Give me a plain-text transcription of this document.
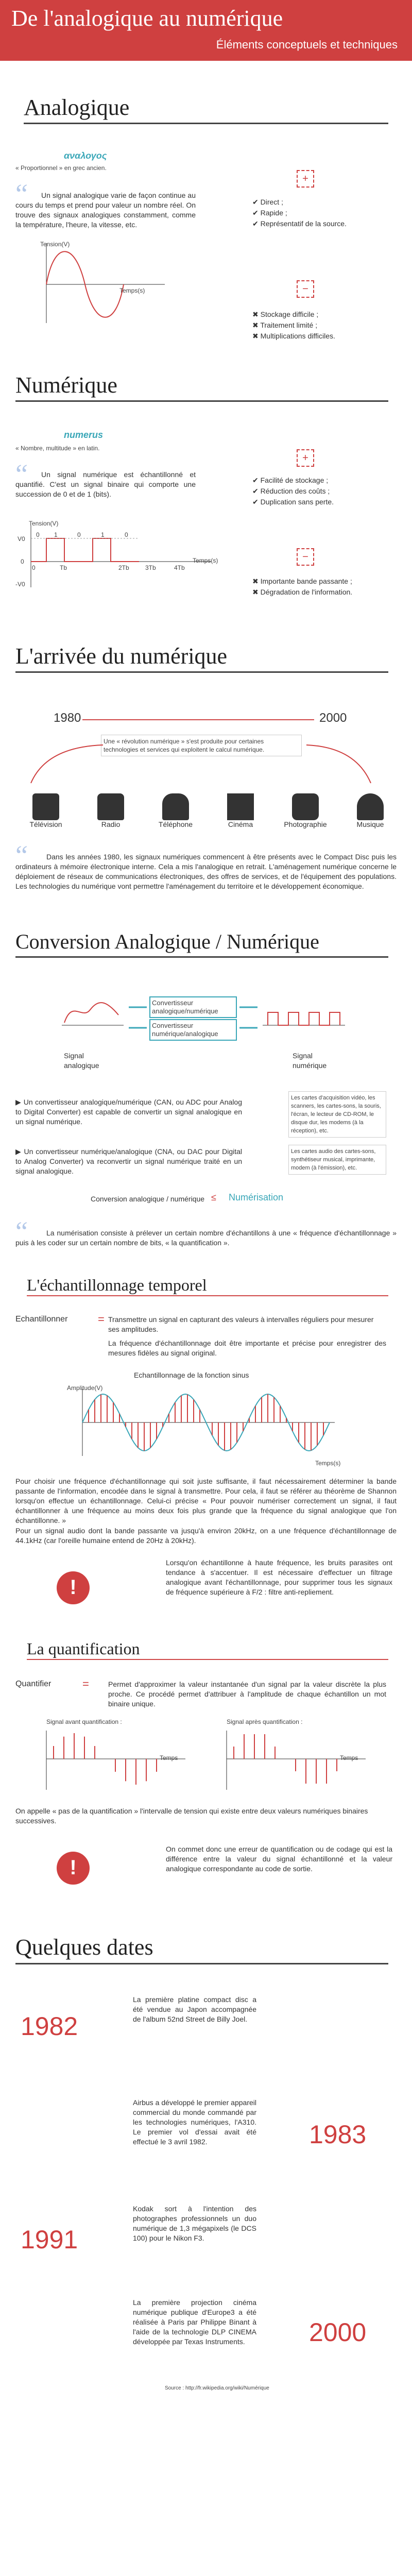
De l'analogique au numérique
Éléments conceptuels et techniques
Analogique
αναλογος
« Proportionnel » en grec ancien.
“	Un signal analogique varie de façon continue au cours du temps et prend pour valeur un nombre réel. On trouve des signaux analogiques constamment, comme la température, l'heure, la vitesse, etc.
Tension(V)
Temps(s)
+
✔ Direct ;
✔ Rapide ;
✔ Représentatif de la source.
−
✖ Stockage difficile ;
✖ Traitement limité ;
✖ Multiplications difficiles.
Numérique
numerus
« Nombre, multitude » en latin.
“	Un signal numérique est échantillonné et quantifié. C'est un signal binaire qui comporte une succession de 0 et de 1 (bits).
Tension(V)
Temps(s)
V0
0
-V0
0	Tb	2Tb	3Tb	4Tb
0 1	0	1	0
+
✔ Facilité de stockage ;
✔ Réduction des coûts ;
✔ Duplication sans perte.
−
✖ Importante bande passante ;
✖ Dégradation de l'information.
L'arrivée du numérique
1980	2000
Une « révolution numérique » s'est produite pour certaines technologies et services qui exploitent le calcul numérique.
Télévision	Radio	Téléphone	Cinéma	Photographie	Musique
“	Dans les années 1980, les signaux numériques commencent à être présents avec le Compact Disc puis les ordinateurs à mémoire électronique interne. Cela a mis l'analogique en retrait. L'aménagement numérique concerne le déploiement de réseaux de communications électroniques, des offres de services, et de l'équipement des populations. Les technologies du numérique vont permettre l'aménagement du territoire et le développement économique.
Conversion Analogique / Numérique
Convertisseur analogique/numérique
Convertisseur numérique/analogique
Signal analogique
Signal numérique
▶ Un convertisseur analogique/numérique (CAN, ou ADC pour Analog to Digital Converter) est capable de convertir un signal analogique en un signal numérique.
Les cartes d'acquisition vidéo, les scanners, les cartes-sons, la souris, l'écran, le lecteur de CD-ROM, le disque dur, les modems (à la réception), etc.
▶ Un convertisseur numérique/analogique (CNA, ou DAC pour Digital to Analog Converter) va reconvertir un signal numérique traité en un signal analogique.
Les cartes audio des cartes-sons, synthétiseur musical, imprimante, modem (à l'émission), etc.
Conversion analogique / numérique ≤ Numérisation
“	La numérisation consiste à prélever un certain nombre d'échantillons à une « fréquence d'échantillonnage » puis à les coder sur un certain nombre de bits, « la quantification ».
L'échantillonnage temporel
Echantillonner	= Transmettre un signal en capturant des valeurs à intervalles réguliers pour mesurer ses amplitudes.
La fréquence d'échantillonnage doit être importante et précise pour enregistrer des mesures fidèles au signal original.
Echantillonnage de la fonction sinus
Amplitude(V)
Temps(s)
Pour choisir une fréquence d'échantillonnage qui soit juste suffisante, il faut nécessairement déterminer la bande passante de l'information, encodée dans le signal à transmettre. Pour cela, il faut se référer au théorème de Shannon lorsqu'on effectue un échantillonnage. Celui-ci précise « Pour pouvoir numériser correctement un signal, il faut échantillonner à une fréquence au moins deux fois plus grande que la fréquence du signal analogique que l'on échantillonne. »
Pour un signal audio dont la bande passante va jusqu'à environ 20kHz, on a une fréquence d'échantillonnage de 44.1kHz (car l'oreille humaine entend de 20Hz à 20kHz).
!
Lorsqu'on échantillonne à haute fréquence, les bruits parasites ont tendance à s'accentuer. Il est nécessaire d'effectuer un filtrage analogique avant l'échantillonnage, pour supprimer tous les signaux de fréquence supérieure à F/2 : filtre anti-repliement.
La quantification
Quantifier	=	Permet d'approximer la valeur instantanée d'un signal par la valeur discrète la plus proche. Ce procédé permet d'attribuer à l'amplitude de chaque échantillon un mot binaire unique.
Signal avant quantification :	Signal après quantification :
Temps	Temps
On appelle « pas de la quantification » l'intervalle de tension qui existe entre deux valeurs numériques binaires successives.
!
On commet donc une erreur de quantification ou de codage qui est la différence entre la valeur du signal échantillonné et la valeur analogique correspondante au code de sortie.
Quelques dates
1982
La première platine compact disc a été vendue au Japon accompagnée de l'album 52nd Street de Billy Joel.
1983
Airbus a développé le premier appareil commercial du monde commandé par les technologies numériques, l'A310. Le premier vol d'essai avait été effectué le 3 avril 1982.
1991
Kodak sort à l'intention des photographes professionnels un duo numérique de 1,3 mégapixels (le DCS 100) pour le Nikon F3.
2000
La première projection cinéma numérique publique d'Europe3 a été réalisée à Paris par Philippe Binant à l'aide de la technologie DLP CINEMA développée par Texas Instruments.
Source : http://fr.wikipedia.org/wiki/Numérique
